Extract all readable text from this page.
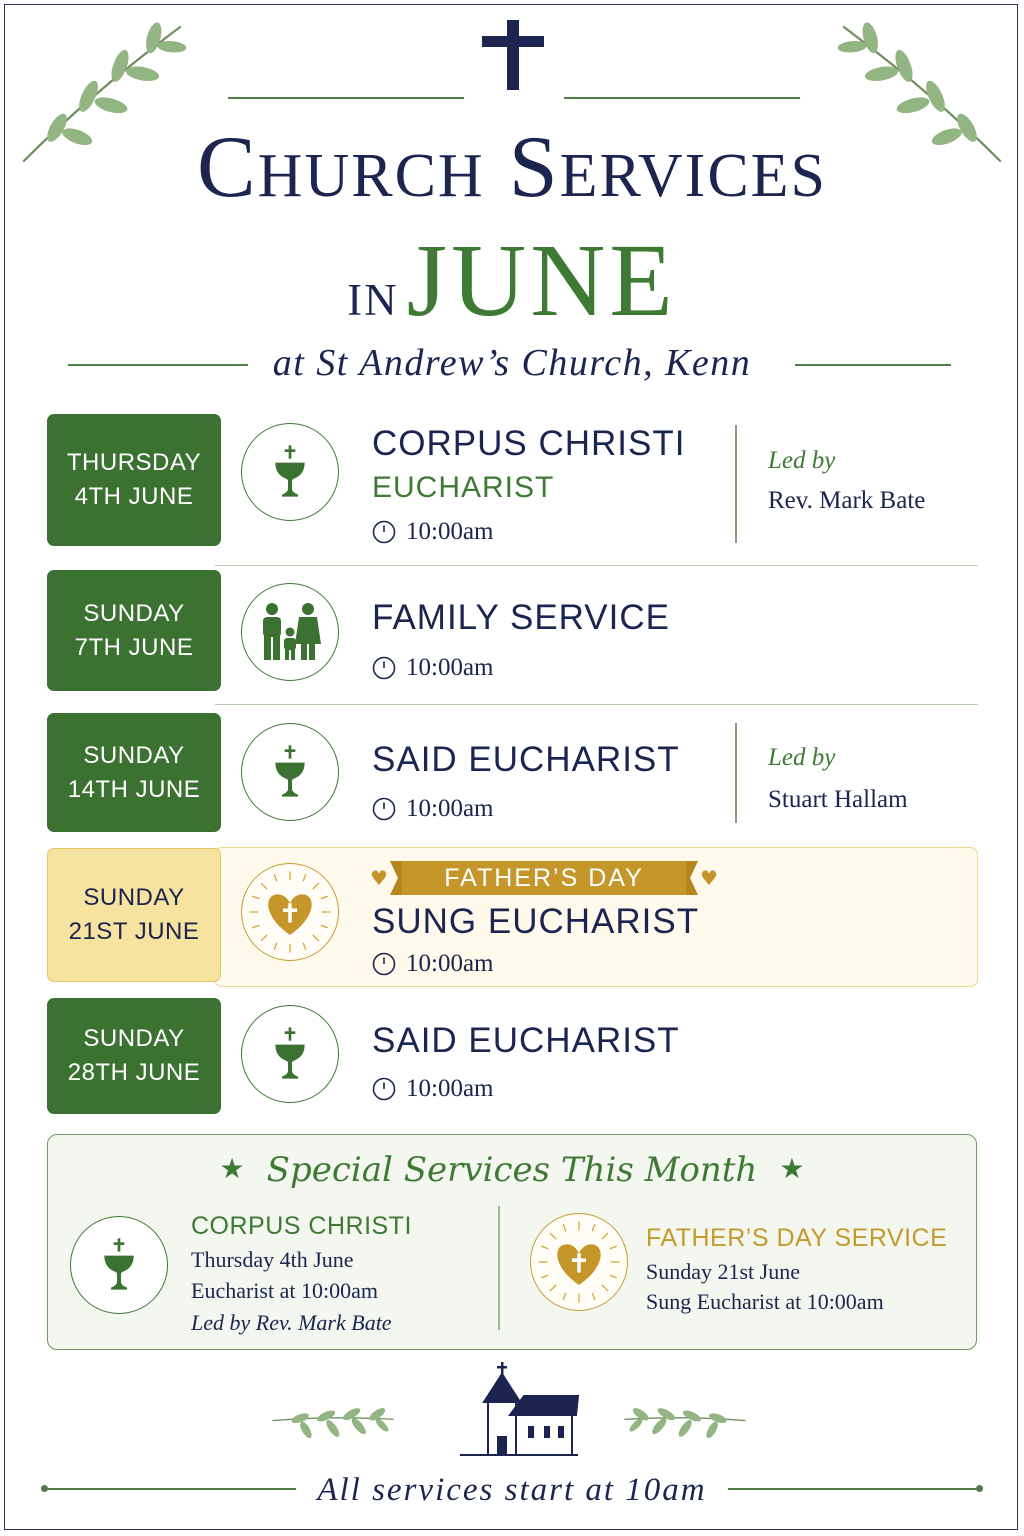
Church Services
in  JUNE
at St Andrew’s Church, Kenn
THURSDAY
4TH JUNE
CORPUS CHRISTI
EUCHARIST
10:00am
Led by
Rev. Mark Bate
SUNDAY
7TH JUNE
FAMILY SERVICE
10:00am
SUNDAY
14TH JUNE
SAID EUCHARIST
10:00am
Led by
Stuart Hallam
SUNDAY
21ST JUNE
FATHER’S DAY
♥	♥
SUNG EUCHARIST
10:00am
SUNDAY
28TH JUNE
SAID EUCHARIST
10:00am
★ Special Services This Month ★
CORPUS CHRISTI
Thursday 4th June
Eucharist at 10:00am
Led by Rev. Mark Bate
FATHER’S DAY SERVICE
Sunday 21st June
Sung Eucharist at 10:00am
All services start at 10am
